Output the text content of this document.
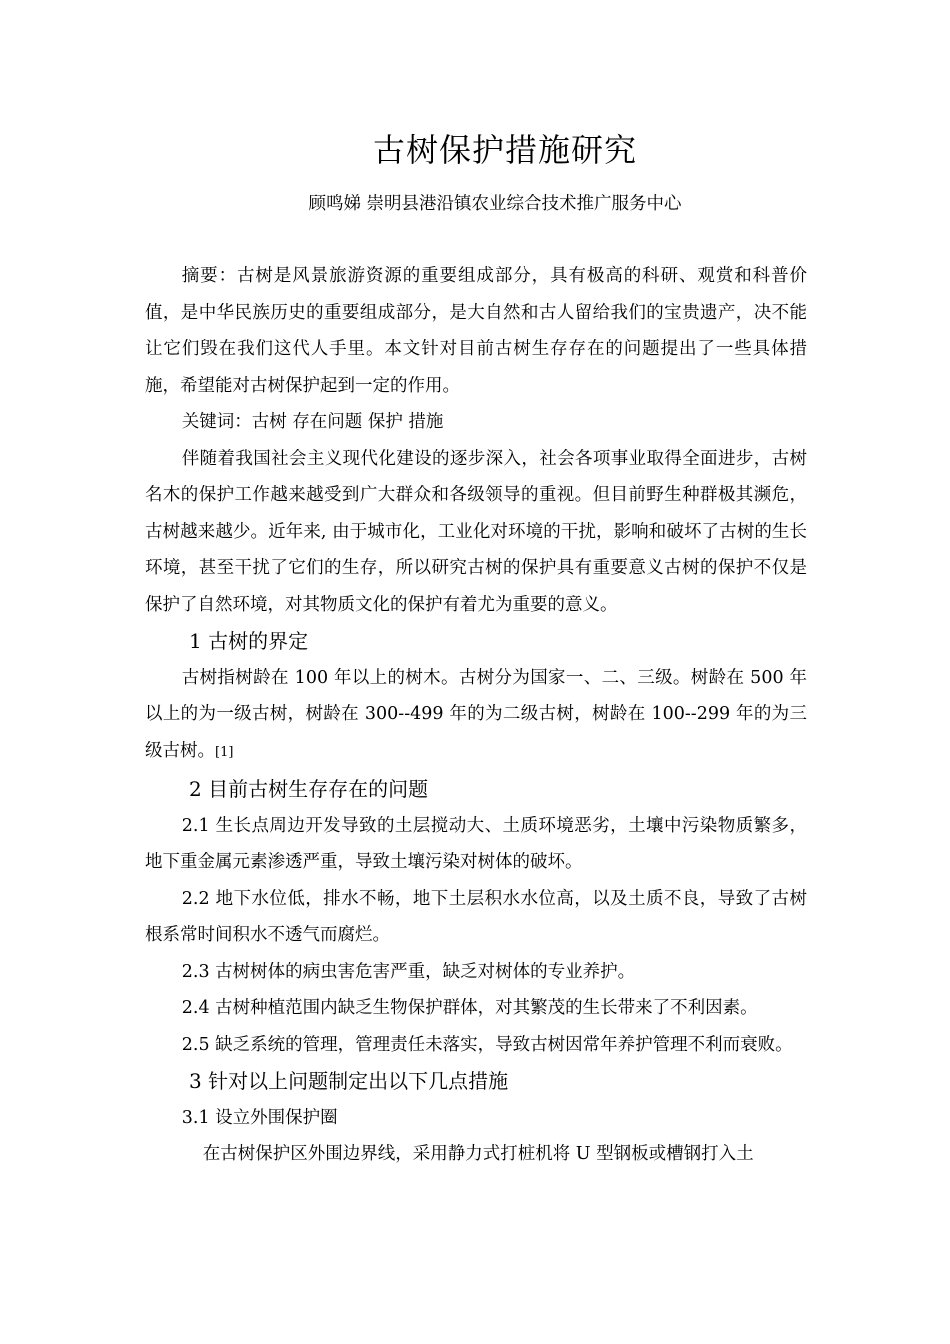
古树保护措施研究
顾鸣娣 崇明县港沿镇农业综合技术推广服务中心

摘要：古树是风景旅游资源的重要组成部分，具有极高的科研、观赏和科普价值，是中华民族历史的重要组成部分，是大自然和古人留给我们的宝贵遗产，决不能让它们毁在我们这代人手里。本文针对目前古树生存存在的问题提出了一些具体措施，希望能对古树保护起到一定的作用。

关键词：古树 存在问题 保护 措施

伴随着我国社会主义现代化建设的逐步深入，社会各项事业取得全面进步，古树名木的保护工作越来越受到广大群众和各级领导的重视。但目前野生种群极其濒危，古树越来越少。近年来, 由于城市化，工业化对环境的干扰，影响和破坏了古树的生长环境，甚至干扰了它们的生存，所以研究古树的保护具有重要意义古树的保护不仅是保护了自然环境，对其物质文化的保护有着尤为重要的意义。

1 古树的界定

古树指树龄在 100 年以上的树木。古树分为国家一、二、三级。树龄在 500 年以上的为一级古树，树龄在 300--499 年的为二级古树，树龄在 100--299 年的为三级古树。[1]

2 目前古树生存存在的问题

2.1 生长点周边开发导致的土层搅动大、土质环境恶劣，土壤中污染物质繁多，地下重金属元素渗透严重，导致土壤污染对树体的破坏。

2.2 地下水位低，排水不畅，地下土层积水水位高，以及土质不良，导致了古树根系常时间积水不透气而腐烂。

2.3 古树树体的病虫害危害严重，缺乏对树体的专业养护。

2.4 古树种植范围内缺乏生物保护群体，对其繁茂的生长带来了不利因素。

2.5 缺乏系统的管理，管理责任未落实，导致古树因常年养护管理不利而衰败。

3 针对以上问题制定出以下几点措施

3.1 设立外围保护圈

在古树保护区外围边界线，采用静力式打桩机将 U 型钢板或槽钢打入土
